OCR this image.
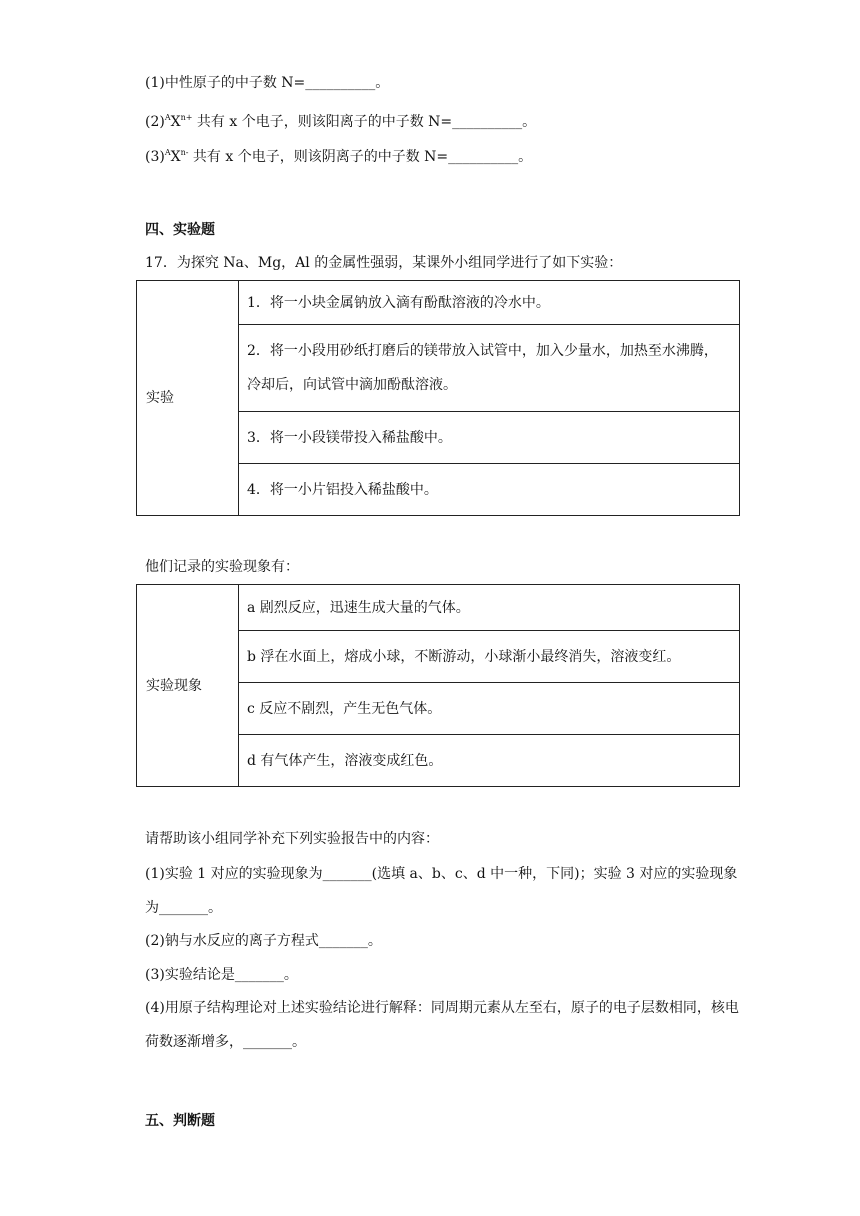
(1)中性原子的中子数 N=__________。
$(2)^AX^{n+}$ 共有 x 个电子，则该阳离子的中子数 N=__________。
$(3)^AX^{n-}$ 共有 x 个电子，则该阴离子的中子数 N=__________。
四、实验题
17．为探究 Na、Mg，Al 的金属性强弱，某课外小组同学进行了如下实验：
实验	1．将一小块金属钠放入滴有酚酞溶液的冷水中。
2．将一小段用砂纸打磨后的镁带放入试管中，加入少量水，加热至水沸腾，冷却后，向试管中滴加酚酞溶液。
3．将一小段镁带投入稀盐酸中。
4．将一小片铝投入稀盐酸中。
他们记录的实验现象有：
实验现象	a 剧烈反应，迅速生成大量的气体。
b 浮在水面上，熔成小球，不断游动，小球渐小最终消失，溶液变红。
c 反应不剧烈，产生无色气体。
d 有气体产生，溶液变成红色。
请帮助该小组同学补充下列实验报告中的内容：
(1)实验 1 对应的实验现象为_______(选填 a、b、c、d 中一种，下同)；实验 3 对应的实验现象为_______。
(2)钠与水反应的离子方程式_______。
(3)实验结论是_______。
(4)用原子结构理论对上述实验结论进行解释：同周期元素从左至右，原子的电子层数相同，核电荷数逐渐增多，_______。
五、判断题
